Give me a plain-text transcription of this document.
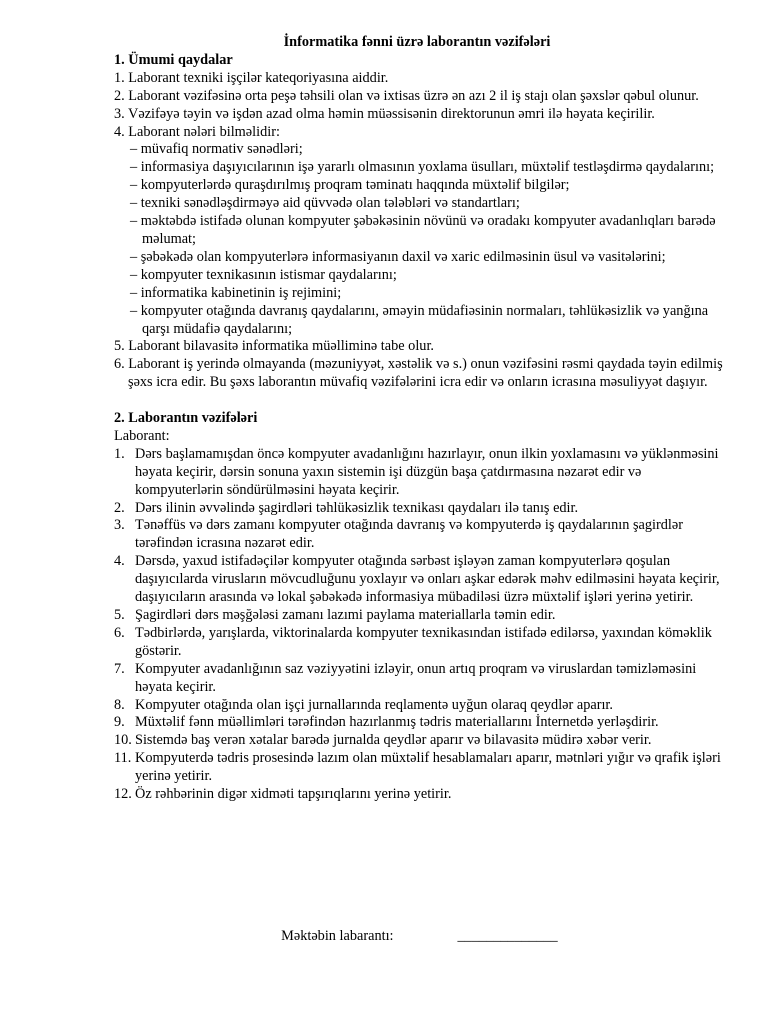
İnformatika fənni üzrə laborantın vəzifələri

1. Ümumi qaydalar

1. Laborant texniki işçilər kateqoriyasına aiddir.

2. Laborant vəzifəsinə orta peşə təhsili olan və ixtisas üzrə ən azı 2 il iş stajı olan şəxslər qəbul olunur.

3. Vəzifəyə təyin və işdən azad olma həmin müəssisənin direktorunun əmri ilə həyata keçirilir.

4. Laborant nələri bilməlidir:

– müvafiq normativ sənədləri;

– informasiya daşıyıcılarının işə yararlı olmasının yoxlama üsulları, müxtəlif testləşdirmə qaydalarını;

– kompyuterlərdə quraşdırılmış proqram təminatı haqqında müxtəlif bilgilər;

– texniki sənədləşdirməyə aid qüvvədə olan tələbləri və standartları;

– məktəbdə istifadə olunan kompyuter şəbəkəsinin növünü və oradakı kompyuter avadanlıqları barədə məlumat;

– şəbəkədə olan kompyuterlərə informasiyanın daxil və xaric edilməsinin üsul və vasitələrini;

– kompyuter texnikasının istismar qaydalarını;

– informatika kabinetinin iş rejimini;

– kompyuter otağında davranış qaydalarını, əməyin müdafiəsinin normaları, təhlükəsizlik və yanğına qarşı müdafiə qaydalarını;

5. Laborant bilavasitə informatika müəlliminə tabe olur.

6. Laborant iş yerində olmayanda (məzuniyyət, xəstəlik və s.) onun vəzifəsini rəsmi qaydada təyin edilmiş şəxs icra edir. Bu şəxs laborantın müvafiq vəzifələrini icra edir və onların icrasına məsuliyyət daşıyır.

2. Laborantın vəzifələri

Laborant:

1. Dərs başlamamışdan öncə kompyuter avadanlığını hazırlayır, onun ilkin yoxlamasını və yüklənməsini həyata keçirir, dərsin sonuna yaxın sistemin işi düzgün başa çatdırmasına nəzarət edir və kompyuterlərin söndürülməsini həyata keçirir.
2. Dərs ilinin əvvəlində şagirdləri təhlükəsizlik texnikası qaydaları ilə tanış edir.
3. Tənəffüs və dərs zamanı kompyuter otağında davranış və kompyuterdə iş qaydalarının şagirdlər tərəfindən icrasına nəzarət edir.
4. Dərsdə, yaxud istifadəçilər kompyuter otağında sərbəst işləyən zaman kompyuterlərə qoşulan daşıyıcılarda virusların mövcudluğunu yoxlayır və onları aşkar edərək məhv edilməsini həyata keçirir, daşıyıcıların arasında və lokal şəbəkədə informasiya mübadiləsi üzrə müxtəlif işləri yerinə yetirir.
5. Şagirdləri dərs məşğələsi zamanı lazımi paylama materiallarla təmin edir.
6. Tədbirlərdə, yarışlarda, viktorinalarda kompyuter texnikasından istifadə edilərsə, yaxından köməklik göstərir.
7. Kompyuter avadanlığının saz vəziyyətini izləyir, onun artıq proqram və viruslardan təmizləməsini həyata keçirir.
8. Kompyuter otağında olan işçi jurnallarında reqlamentə uyğun olaraq qeydlər aparır.
9. Müxtəlif fənn müəllimləri tərəfindən hazırlanmış tədris materiallarını İnternetdə yerləşdirir.
10. Sistemdə baş verən xətalar barədə jurnalda qeydlər aparır və bilavasitə müdirə xəbər verir.
11. Kompyuterdə tədris prosesində lazım olan müxtəlif hesablamaları aparır, mətnləri yığır və qrafik işləri yerinə yetirir.
12. Öz rəhbərinin digər xidməti tapşırıqlarını yerinə yetirir.

Məktəbin labarantı:	______________
